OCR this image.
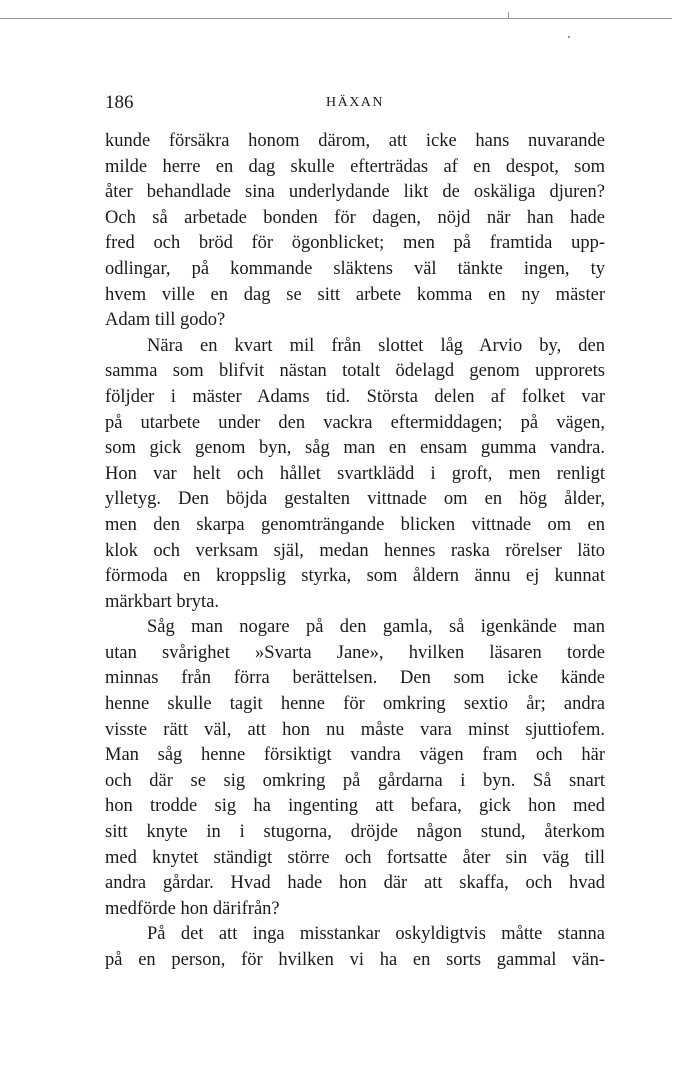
186	HÄXAN
kunde försäkra honom därom, att icke hans nuvarande
milde herre en dag skulle efterträdas af en despot, som
åter behandlade sina underlydande likt de oskäliga djuren?
Och så arbetade bonden för dagen, nöjd när han hade
fred och bröd för ögonblicket; men på framtida upp-
odlingar, på kommande släktens väl tänkte ingen, ty
hvem ville en dag se sitt arbete komma en ny mäster
Adam till godo?
Nära en kvart mil från slottet låg Arvio by, den
samma som blifvit nästan totalt ödelagd genom upprorets
följder i mäster Adams tid. Största delen af folket var
på utarbete under den vackra eftermiddagen; på vägen,
som gick genom byn, såg man en ensam gumma vandra.
Hon var helt och hållet svartklädd i groft, men renligt
ylletyg. Den böjda gestalten vittnade om en hög ålder,
men den skarpa genomträngande blicken vittnade om en
klok och verksam själ, medan hennes raska rörelser läto
förmoda en kroppslig styrka, som åldern ännu ej kunnat
märkbart bryta.
Såg man nogare på den gamla, så igenkände man
utan svårighet »Svarta Jane», hvilken läsaren torde
minnas från förra berättelsen. Den som icke kände
henne skulle tagit henne för omkring sextio år; andra
visste rätt väl, att hon nu måste vara minst sjuttiofem.
Man såg henne försiktigt vandra vägen fram och här
och där se sig omkring på gårdarna i byn. Så snart
hon trodde sig ha ingenting att befara, gick hon med
sitt knyte in i stugorna, dröjde någon stund, återkom
med knytet ständigt större och fortsatte åter sin väg till
andra gårdar. Hvad hade hon där att skaffa, och hvad
medförde hon därifrån?
På det att inga misstankar oskyldigtvis måtte stanna
på en person, för hvilken vi ha en sorts gammal vän-
